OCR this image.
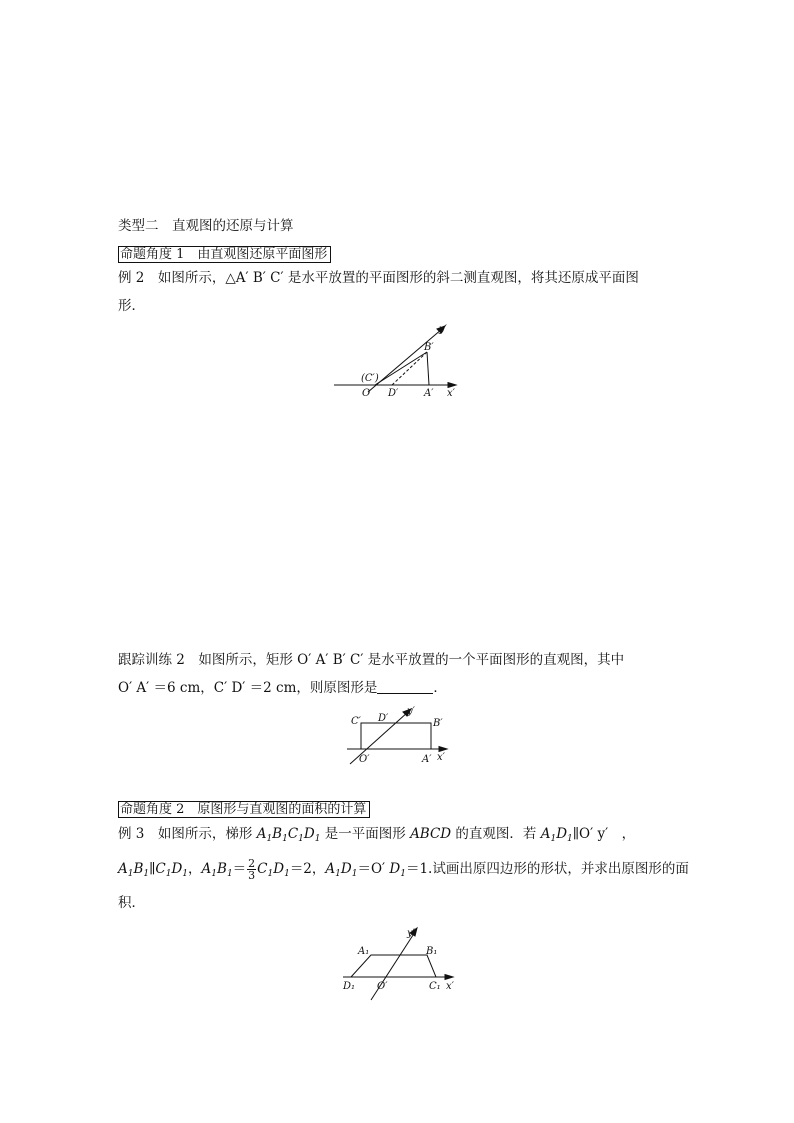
类型二　直观图的还原与计算
命题角度 1　由直观图还原平面图形
例 2　如图所示，△A′ B′ C′ 是水平放置的平面图形的斜二测直观图，将其还原成平面图
形．
y′
B′
(C′)
O′ D′	A′ x′
跟踪训练 2　如图所示，矩形 O′ A′ B′ C′ 是水平放置的一个平面图形的直观图，其中
O′ A′ ＝6 cm，C′ D′ ＝2 cm，则原图形是	．
C′ D′
y′
B′
O′	A′ x′
命题角度 2　原图形与直观图的面积的计算
例 3　如图所示，梯形 $A_1B_1C_1D_1$ 是一平面图形 ABCD 的直观图．若 $A_1D_1\parallel O'$ y′　，
$A_1B_1\parallel C_1D_1$，$A_1B_1= \frac{2}{3} C_1D_1=2$，$A_1D_1=O'$ $D_1=1$.试画出原四边形的形状，并求出原图形的面
积．
y′
A₁	B₁
D₁ O′	C₁ x′
